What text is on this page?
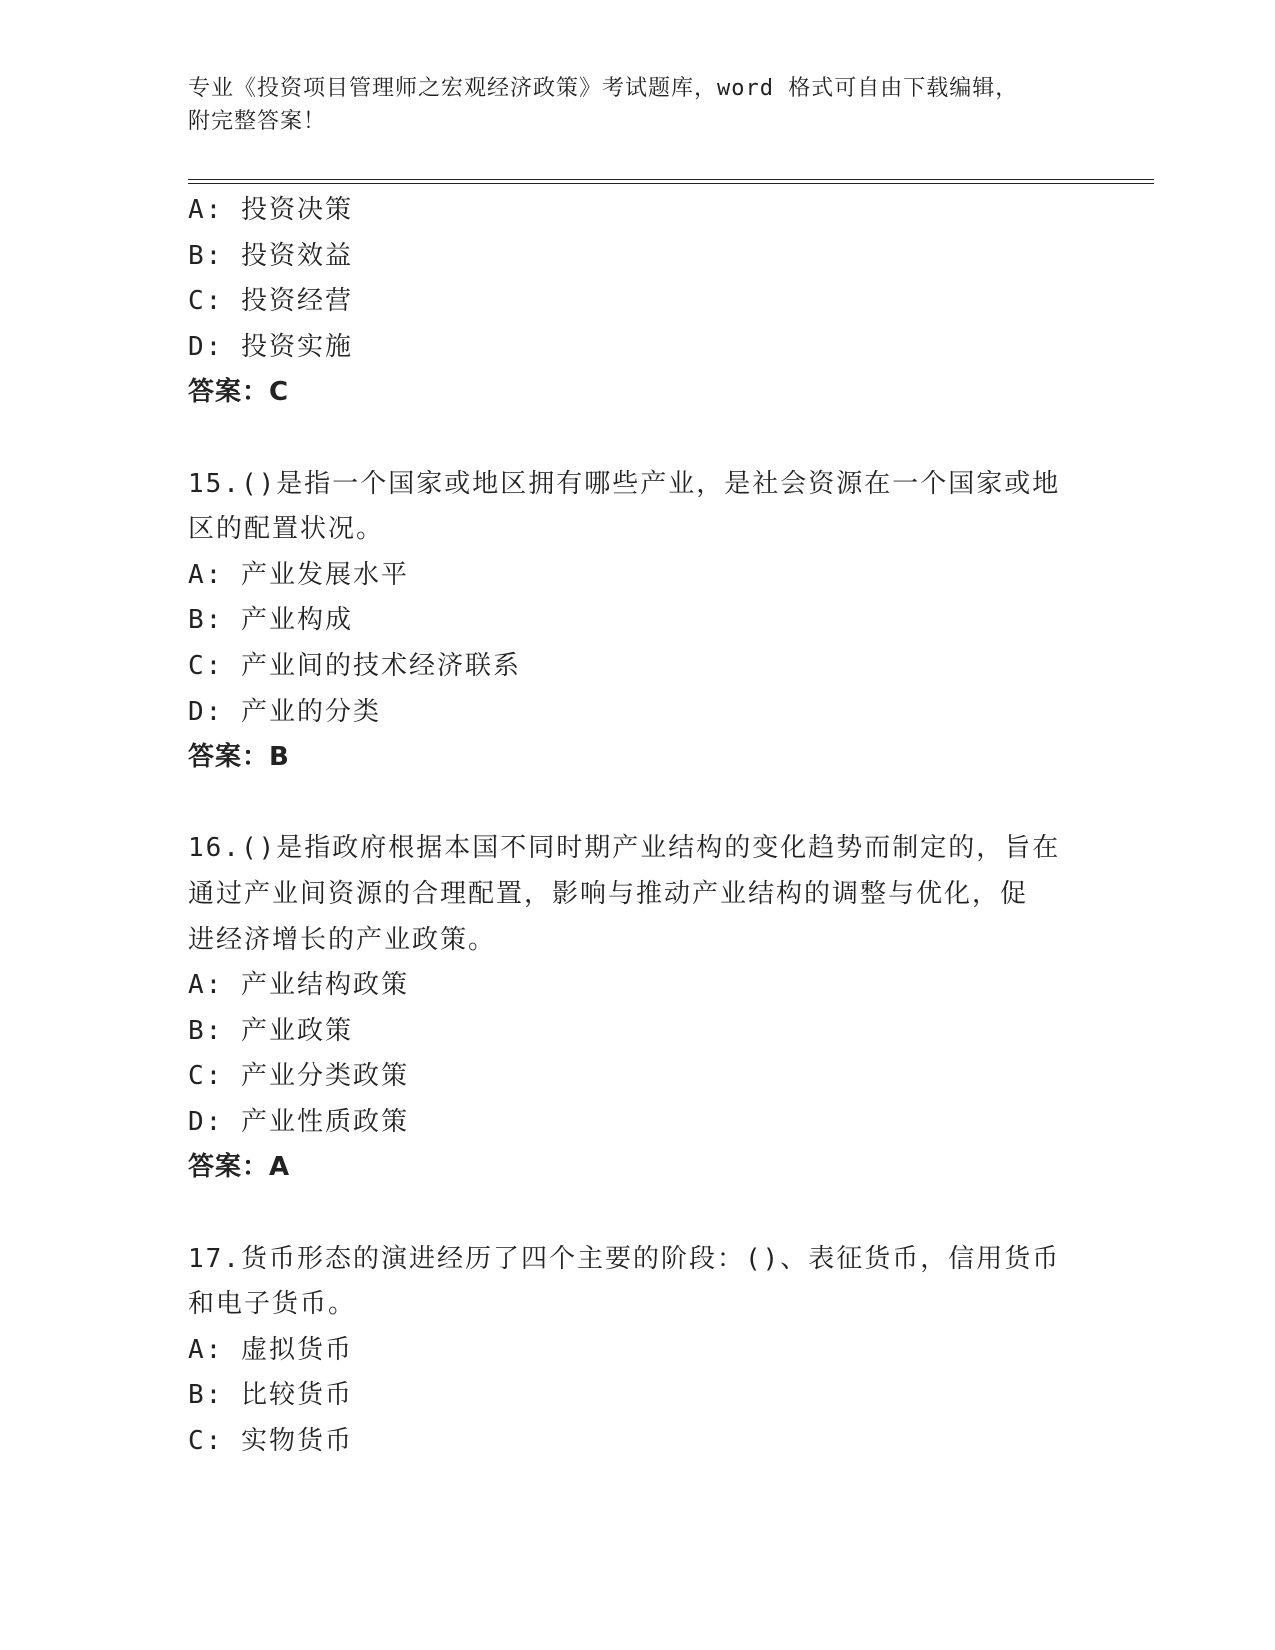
专业《投资项目管理师之宏观经济政策》考试题库，word 格式可自由下载编辑，
附完整答案！

A: 投资决策

B: 投资效益

C: 投资经营

D: 投资实施

答案：C

15.()是指一个国家或地区拥有哪些产业，是社会资源在一个国家或地

区的配置状况。

A: 产业发展水平

B: 产业构成

C: 产业间的技术经济联系

D: 产业的分类

答案：B

16.()是指政府根据本国不同时期产业结构的变化趋势而制定的，旨在

通过产业间资源的合理配置，影响与推动产业结构的调整与优化，促

进经济增长的产业政策。

A: 产业结构政策

B: 产业政策

C: 产业分类政策

D: 产业性质政策

答案：A

17.货币形态的演进经历了四个主要的阶段：()、表征货币，信用货币

和电子货币。

A: 虚拟货币

B: 比较货币

C: 实物货币
